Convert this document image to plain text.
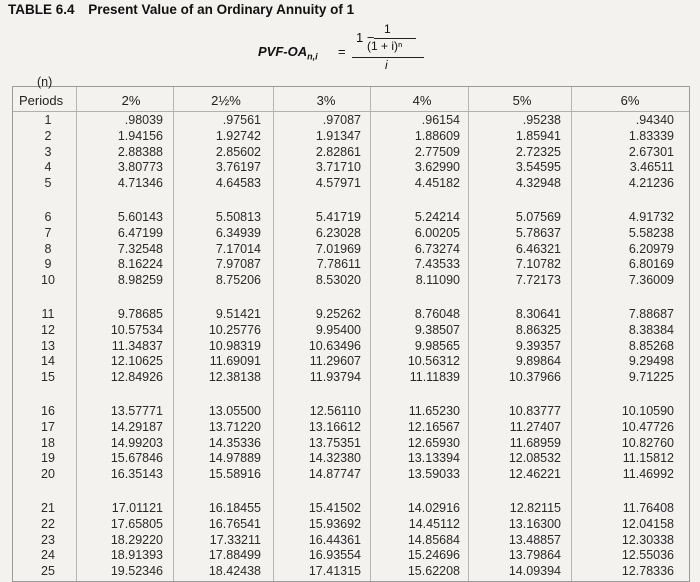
TABLE 6.4 Present Value of an Ordinary Annuity of 1
PVF-$OA_{n,i}$ =
1 −
1
(1 + i)ⁿ
i
(n)
Periods	2%	2½%	3%	4%	5%	6%
1	.98039	.97561	.97087	.96154	.95238	.94340
2	1.94156	1.92742	1.91347	1.88609	1.85941	1.83339
3	2.88388	2.85602	2.82861	2.77509	2.72325	2.67301
4	3.80773	3.76197	3.71710	3.62990	3.54595	3.46511
5	4.71346	4.64583	4.57971	4.45182	4.32948	4.21236
6	5.60143	5.50813	5.41719	5.24214	5.07569	4.91732
7	6.47199	6.34939	6.23028	6.00205	5.78637	5.58238
8	7.32548	7.17014	7.01969	6.73274	6.46321	6.20979
9	8.16224	7.97087	7.78611	7.43533	7.10782	6.80169
10	8.98259	8.75206	8.53020	8.11090	7.72173	7.36009
11	9.78685	9.51421	9.25262	8.76048	8.30641	7.88687
12	10.57534	10.25776	9.95400	9.38507	8.86325	8.38384
13	11.34837	10.98319	10.63496	9.98565	9.39357	8.85268
14	12.10625	11.69091	11.29607	10.56312	9.89864	9.29498
15	12.84926	12.38138	11.93794	11.11839	10.37966	9.71225
16	13.57771	13.05500	12.56110	11.65230	10.83777	10.10590
17	14.29187	13.71220	13.16612	12.16567	11.27407	10.47726
18	14.99203	14.35336	13.75351	12.65930	11.68959	10.82760
19	15.67846	14.97889	14.32380	13.13394	12.08532	11.15812
20	16.35143	15.58916	14.87747	13.59033	12.46221	11.46992
21	17.01121	16.18455	15.41502	14.02916	12.82115	11.76408
22	17.65805	16.76541	15.93692	14.45112	13.16300	12.04158
23	18.29220	17.33211	16.44361	14.85684	13.48857	12.30338
24	18.91393	17.88499	16.93554	15.24696	13.79864	12.55036
25	19.52346	18.42438	17.41315	15.62208	14.09394	12.78336
